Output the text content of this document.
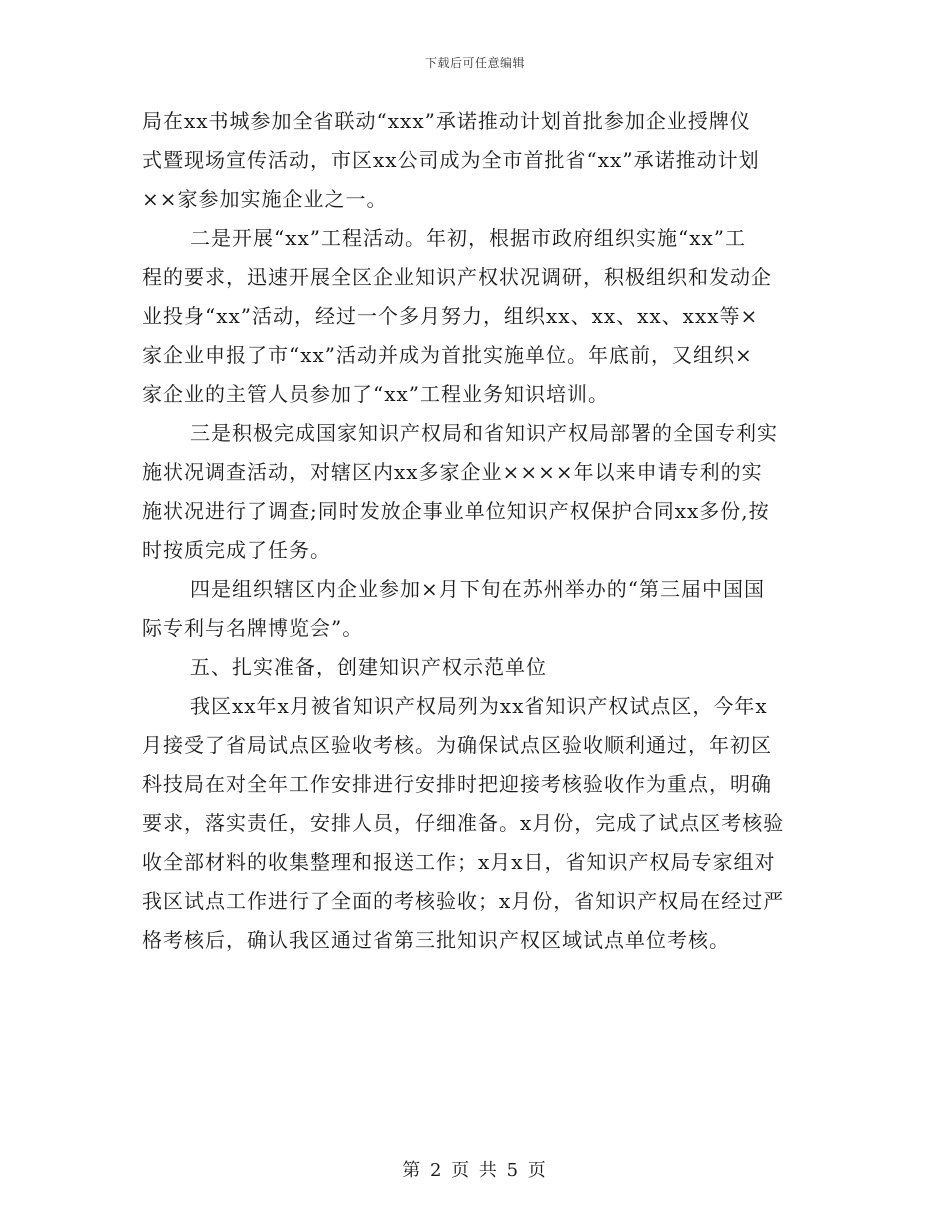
下载后可任意编辑
局在xx书城参加全省联动“xxx”承诺推动计划首批参加企业授牌仪
式暨现场宣传活动，市区xx公司成为全市首批省“xx”承诺推动计划
××家参加实施企业之一。
二是开展“xx”工程活动。年初，根据市政府组织实施“xx”工
程的要求，迅速开展全区企业知识产权状况调研，积极组织和发动企
业投身“xx”活动，经过一个多月努力，组织xx、xx、xx、xxx等×
家企业申报了市“xx”活动并成为首批实施单位。年底前，又组织×
家企业的主管人员参加了“xx”工程业务知识培训。
三是积极完成国家知识产权局和省知识产权局部署的全国专利实
施状况调查活动，对辖区内xx多家企业××××年以来申请专利的实
施状况进行了调查;同时发放企事业单位知识产权保护合同xx多份,按
时按质完成了任务。
四是组织辖区内企业参加×月下旬在苏州举办的“第三届中国国
际专利与名牌博览会”。
五、扎实准备，创建知识产权示范单位
我区xx年x月被省知识产权局列为xx省知识产权试点区，今年x
月接受了省局试点区验收考核。为确保试点区验收顺利通过，年初区
科技局在对全年工作安排进行安排时把迎接考核验收作为重点，明确
要求，落实责任，安排人员，仔细准备。x月份，完成了试点区考核验
收全部材料的收集整理和报送工作；x月x日，省知识产权局专家组对
我区试点工作进行了全面的考核验收；x月份，省知识产权局在经过严
格考核后，确认我区通过省第三批知识产权区域试点单位考核。
第 2 页 共 5 页
